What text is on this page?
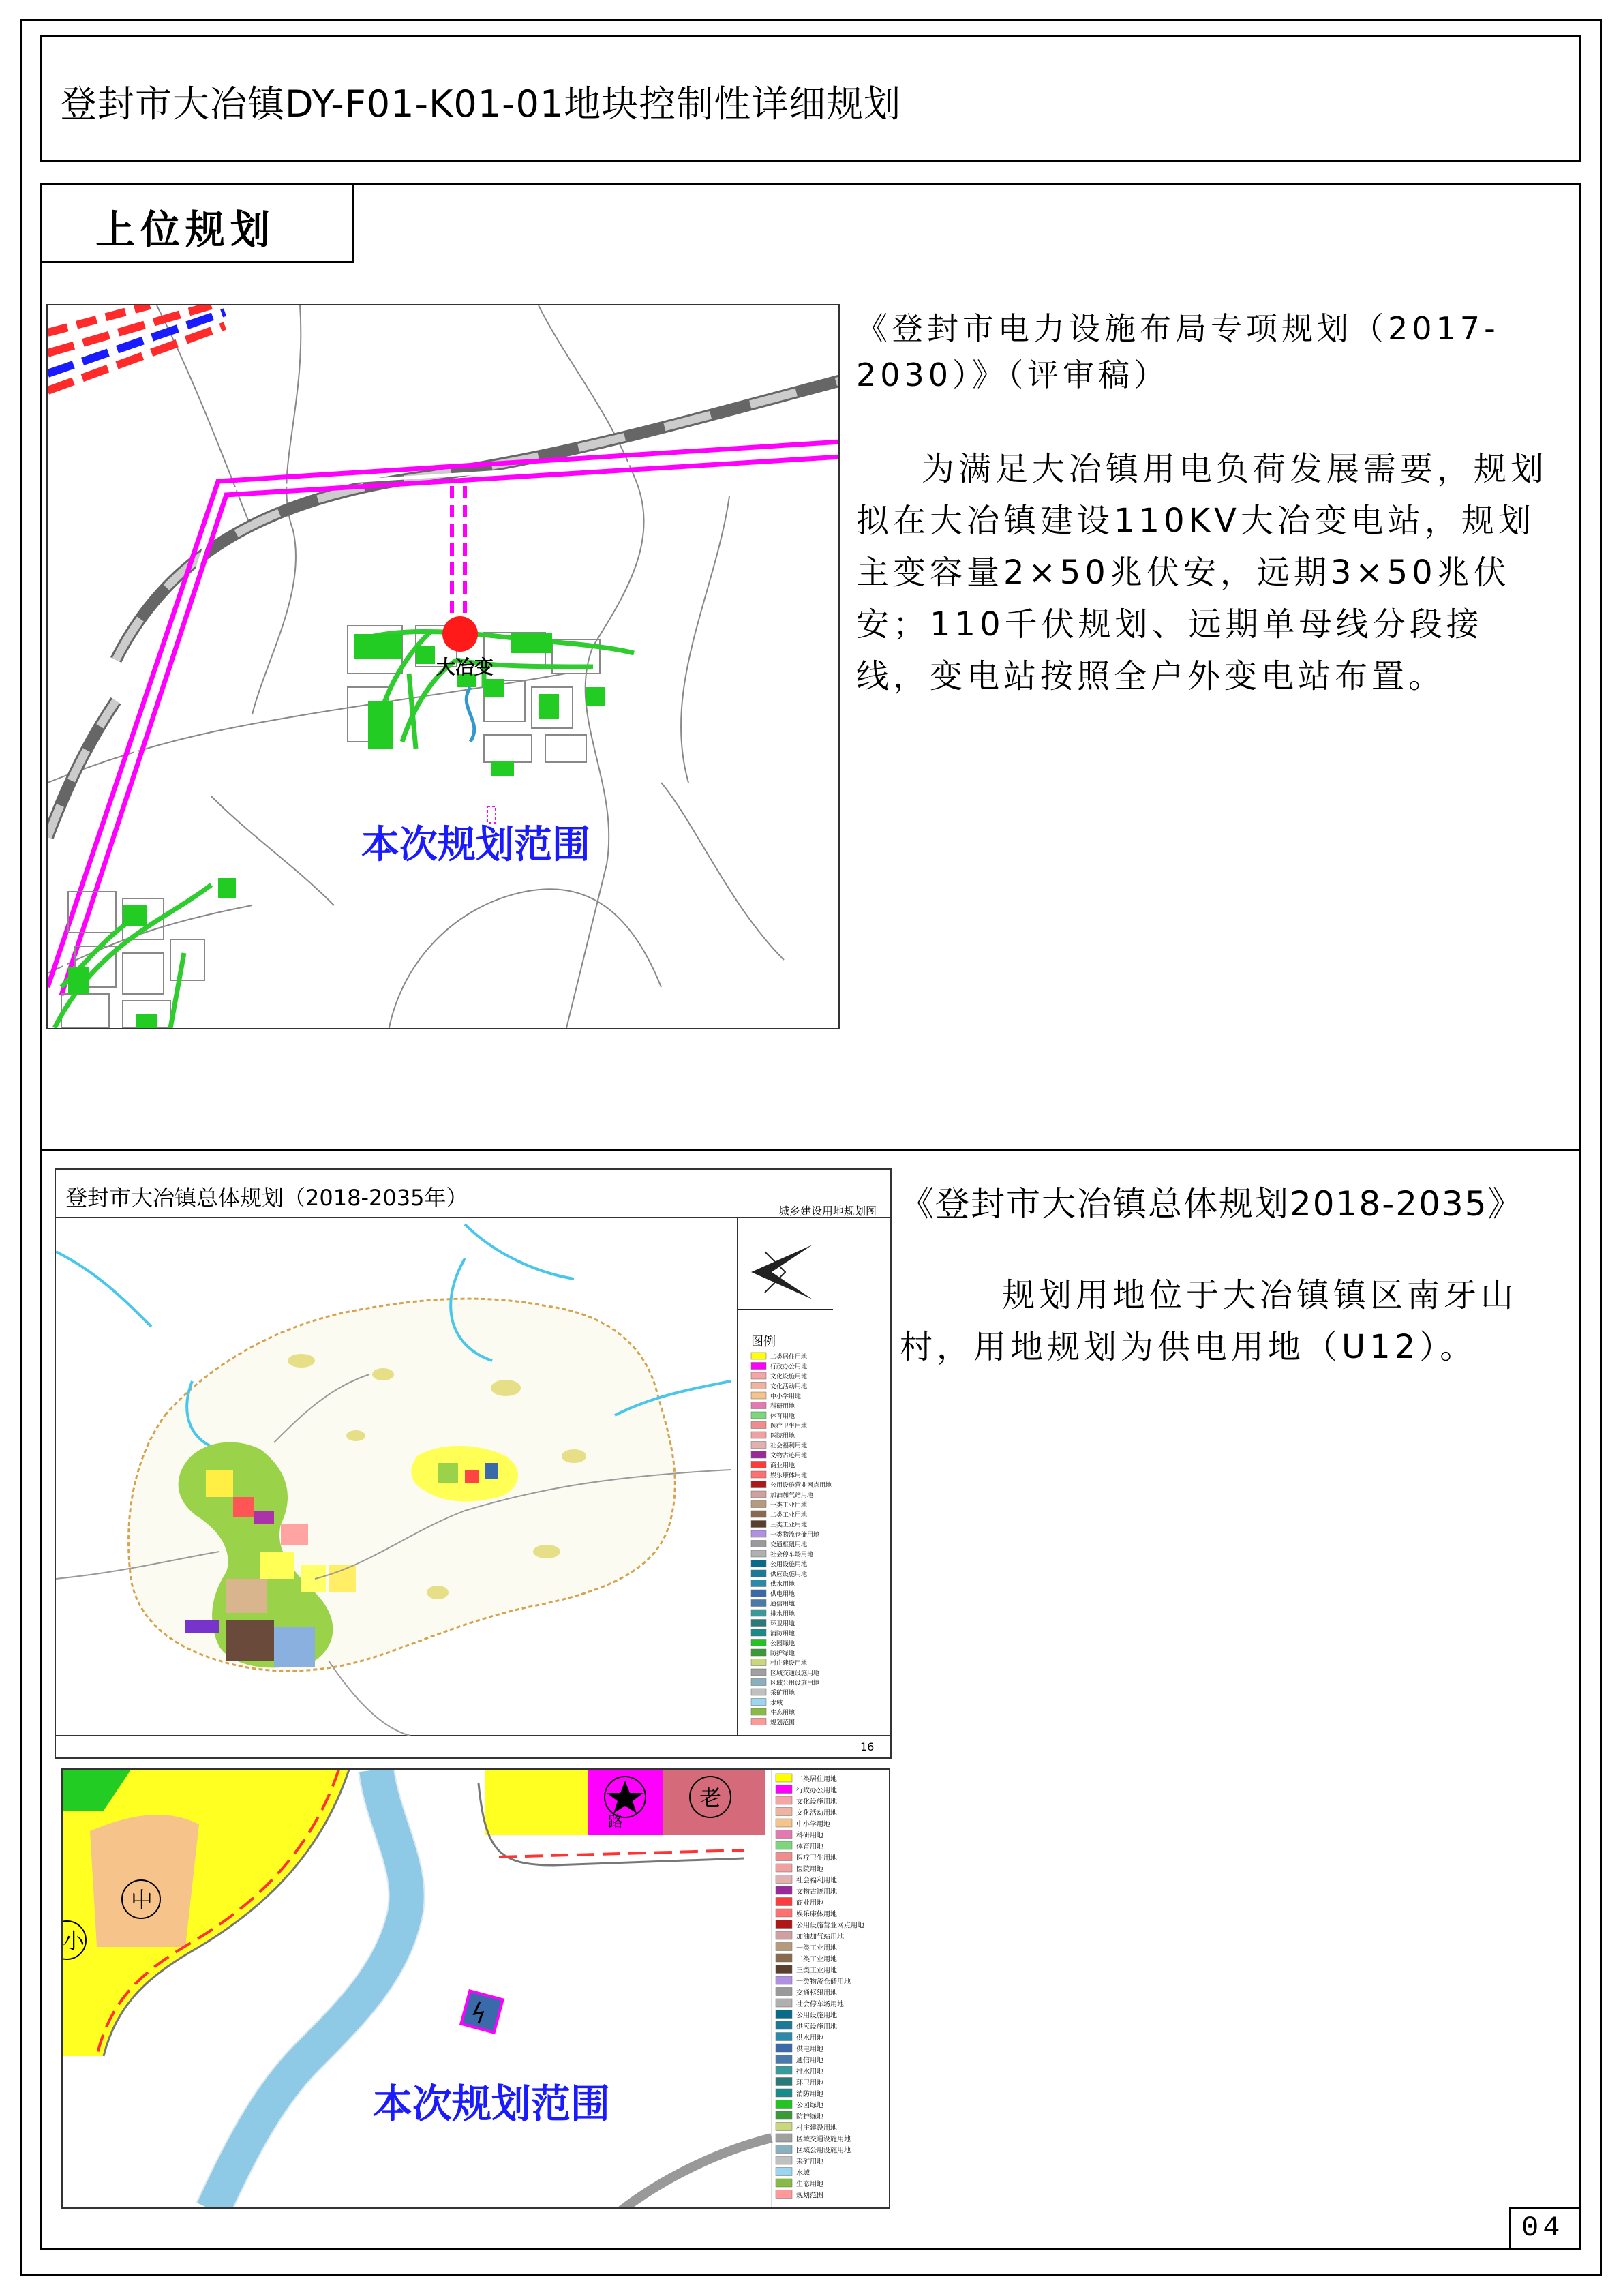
登封市大冶镇DY-F01-K01-01地块控制性详细规划
上位规划
大冶变
本次规划范围
《登封市电力设施布局专项规划（2017-2030）》（评审稿）
为满足大冶镇用电负荷发展需要，规划拟在大冶镇建设110KV大冶变电站，规划主变容量2×50兆伏安，远期3×50兆伏安；110千伏规划、远期单母线分段接线，变电站按照全户外变电站布置。
登封市大冶镇总体规划（2018-2035年）
城乡建设用地规划图
16
图例
二类居住用地
行政办公用地
文化设施用地
文化活动用地
中小学用地
科研用地
体育用地
医疗卫生用地
医院用地
社会福利用地
文物古迹用地
商业用地
娱乐康体用地
公用设施营业网点用地
加油加气站用地
一类工业用地
二类工业用地
三类工业用地
一类物流仓储用地
交通枢纽用地
社会停车场用地
公用设施用地
供应设施用地
供水用地
供电用地
通信用地
排水用地
环卫用地
消防用地
公园绿地
防护绿地
村庄建设用地
区域交通设施用地
区域公用设施用地
采矿用地
水域
生态用地
规划范围
《登封市大冶镇总体规划2018-2035》
规划用地位于大冶镇镇区南牙山村，用地规划为供电用地（U12）。
二类居住用地
行政办公用地
文化设施用地
文化活动用地
中小学用地
科研用地
体育用地
医疗卫生用地
医院用地
社会福利用地
文物古迹用地
商业用地
娱乐康体用地
公用设施营业网点用地
加油加气站用地
一类工业用地
二类工业用地
三类工业用地
一类物流仓储用地
交通枢纽用地
社会停车场用地
公用设施用地
供应设施用地
供水用地
供电用地
通信用地
排水用地
环卫用地
消防用地
公园绿地
防护绿地
村庄建设用地
区域交通设施用地
区域公用设施用地
采矿用地
水域
生态用地
规划范围
中
小
老
路
本次规划范围
04
